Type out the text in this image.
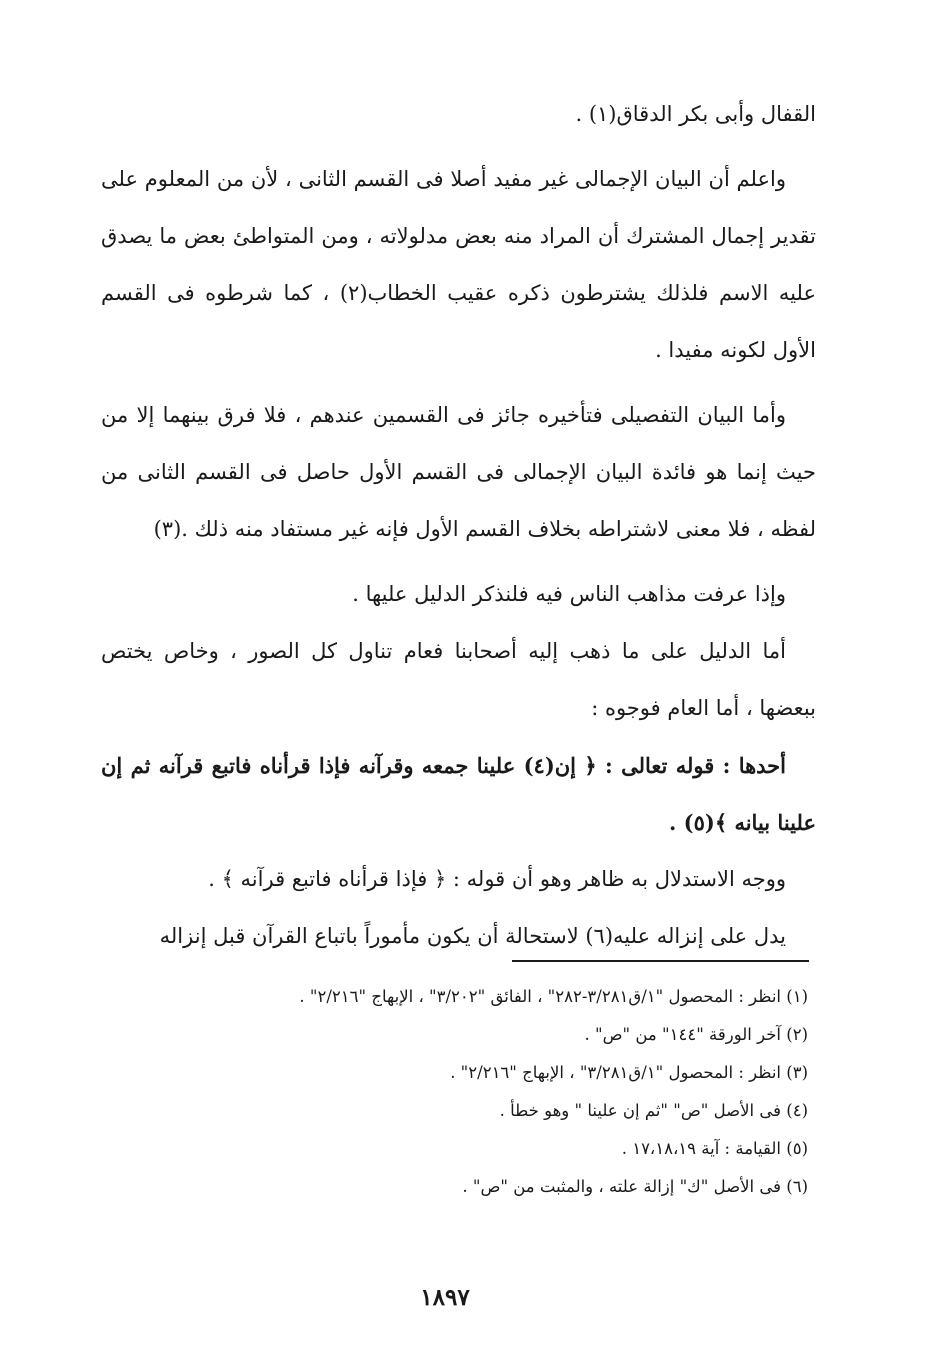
القفال وأبى بكر الدقاق(١) .

واعلم أن البيان الإجمالى غير مفيد أصلا فى القسم الثانى ، لأن من المعلوم على تقدير إجمال المشترك أن المراد منه بعض مدلولاته ، ومن المتواطئ بعض ما يصدق عليه الاسم فلذلك يشترطون ذكره عقيب الخطاب(٢) ، كما شرطوه فى القسم الأول لكونه مفيدا .

وأما البيان التفصيلى فتأخيره جائز فى القسمين عندهم ، فلا فرق بينهما إلا من حيث إنما هو فائدة البيان الإجمالى فى القسم الأول حاصل فى القسم الثانى من لفظه ، فلا معنى لاشتراطه بخلاف القسم الأول فإنه غير مستفاد منه ذلك .(٣)

وإذا عرفت مذاهب الناس فيه فلنذكر الدليل عليها .

أما الدليل على ما ذهب إليه أصحابنا فعام تناول كل الصور ، وخاص يختص ببعضها ، أما العام فوجوه :

أحدها : قوله تعالى : ﴿ إن(٤) علينا جمعه وقرآنه فإذا قرأناه فاتبع قرآنه ثم إن علينا بيانه ﴾(٥) .

ووجه الاستدلال به ظاهر وهو أن قوله : ﴿ فإذا قرأناه فاتبع قرآنه ﴾ .

يدل على إنزاله عليه(٦) لاستحالة أن يكون مأموراً باتباع القرآن قبل إنزاله

(١) انظر : المحصول "١/ق٣/٢٨١-٢٨٢" ، الفائق "٣/٢٠٢" ، الإبهاج "٢/٢١٦" .

(٢) آخر الورقة "١٤٤" من "ص" .

(٣) انظر : المحصول "١/ق٣/٢٨١" ، الإبهاج "٢/٢١٦" .

(٤) فى الأصل "ص" "ثم إن علينا " وهو خطأ .

(٥) القيامة : آية ١٧،١٨،١٩ .

(٦) فى الأصل "ك" إزالة علته ، والمثبت من "ص" .

١٨٩٧
